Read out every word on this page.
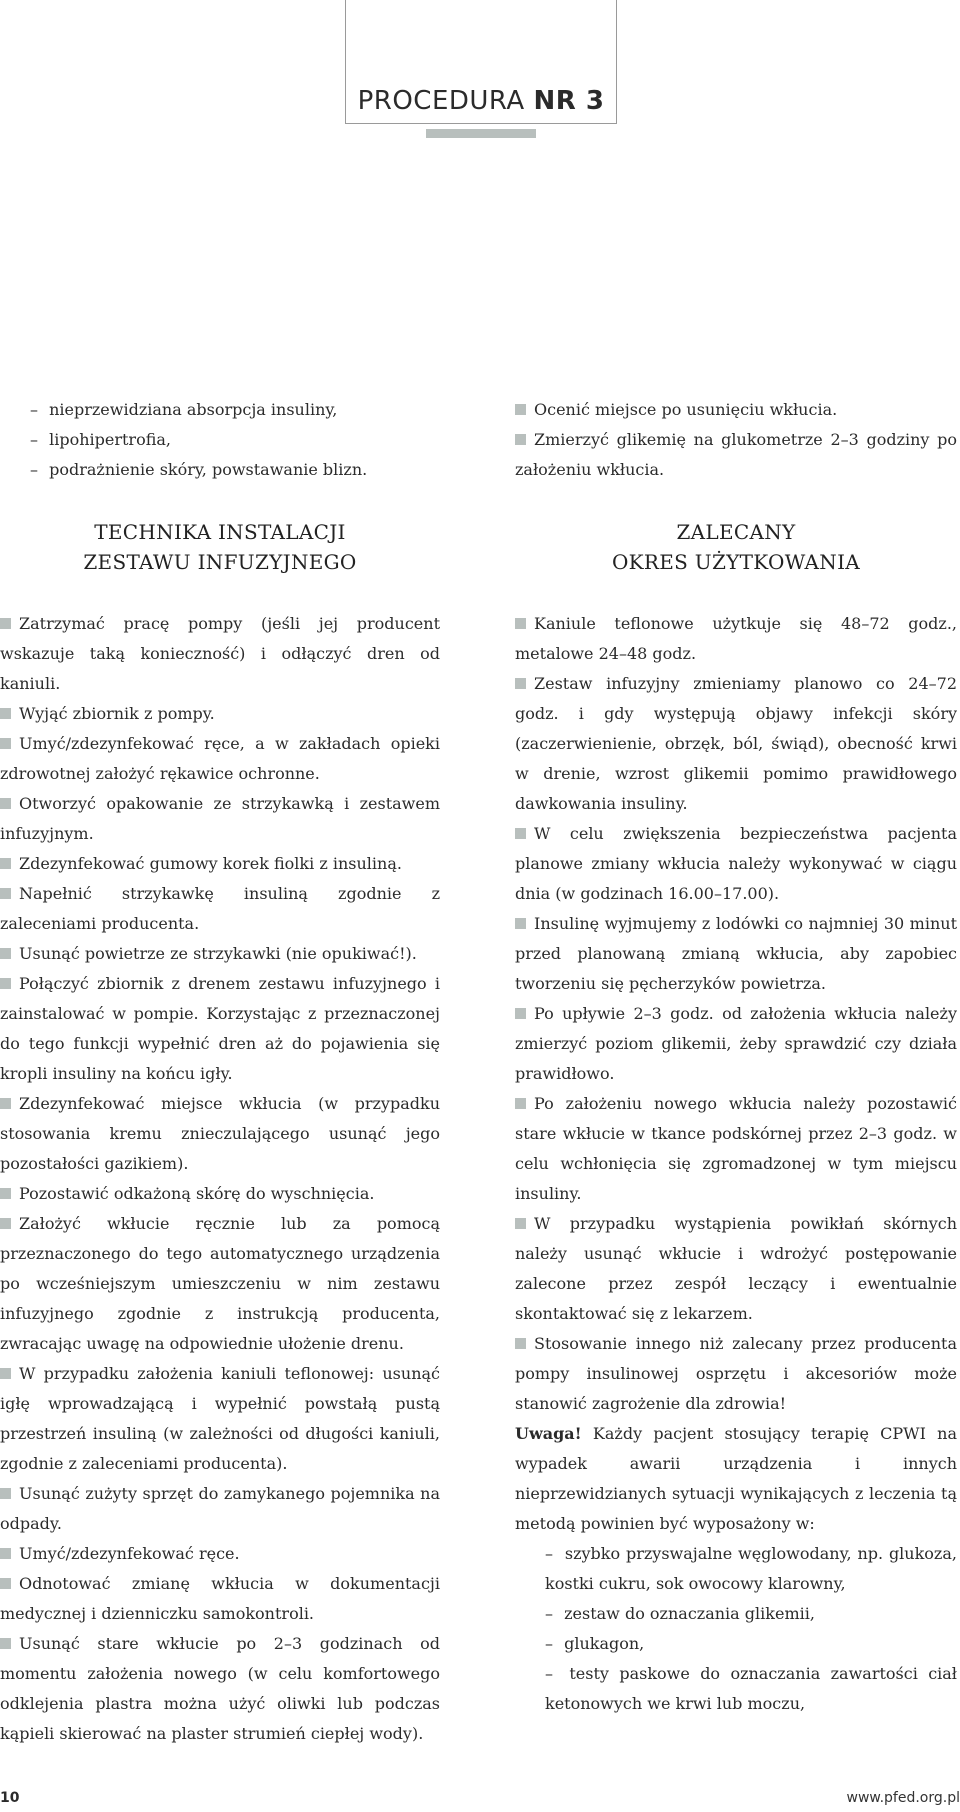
PROCEDURA NR 3

– nieprzewidziana absorpcja insuliny,

– lipohipertrofia,

– podrażnienie skóry, powstawanie blizn.

TECHNIKA INSTALACJI
ZESTAWU INFUZYJNEGO

Zatrzymać pracę pompy (jeśli jej producent wskazuje taką konieczność) i odłączyć dren od kaniuli.

Wyjąć zbiornik z pompy.

Umyć/zdezynfekować ręce, a w zakładach opieki zdrowotnej założyć rękawice ochronne.

Otworzyć opakowanie ze strzykawką i zestawem infuzyjnym.

Zdezynfekować gumowy korek fiolki z insuliną.

Napełnić strzykawkę insuliną zgodnie z zaleceniami producenta.

Usunąć powietrze ze strzykawki (nie opukiwać!).

Połączyć zbiornik z drenem zestawu infuzyjnego i zainstalować w pompie. Korzystając z przeznaczonej do tego funkcji wypełnić dren aż do pojawienia się kropli insuliny na końcu igły.

Zdezynfekować miejsce wkłucia (w przypadku stosowania kremu znieczulającego usunąć jego pozostałości gazikiem).

Pozostawić odkażoną skórę do wyschnięcia.

Założyć wkłucie ręcznie lub za pomocą przeznaczonego do tego automatycznego urządzenia po wcześniejszym umieszczeniu w nim zestawu infuzyjnego zgodnie z instrukcją producenta, zwracając uwagę na odpowiednie ułożenie drenu.

W przypadku założenia kaniuli teflonowej: usunąć igłę wprowadzającą i wypełnić powstałą pustą przestrzeń insuliną (w zależności od długości kaniuli, zgodnie z zaleceniami producenta).

Usunąć zużyty sprzęt do zamykanego pojemnika na odpady.

Umyć/zdezynfekować ręce.

Odnotować zmianę wkłucia w dokumentacji medycznej i dzienniczku samokontroli.

Usunąć stare wkłucie po 2–3 godzinach od momentu założenia nowego (w celu komfortowego odklejenia plastra można użyć oliwki lub podczas kąpieli skierować na plaster strumień ciepłej wody).

Ocenić miejsce po usunięciu wkłucia.

Zmierzyć glikemię na glukometrze 2–3 godziny po założeniu wkłucia.

ZALECANY
OKRES UŻYTKOWANIA

Kaniule teflonowe użytkuje się 48–72 godz., metalowe 24–48 godz.

Zestaw infuzyjny zmieniamy planowo co 24–72 godz. i gdy występują objawy infekcji skóry (zaczerwienienie, obrzęk, ból, świąd), obecność krwi w drenie, wzrost glikemii pomimo prawidłowego dawkowania insuliny.

W celu zwiększenia bezpieczeństwa pacjenta planowe zmiany wkłucia należy wykonywać w ciągu dnia (w godzinach 16.00–17.00).

Insulinę wyjmujemy z lodówki co najmniej 30 minut przed planowaną zmianą wkłucia, aby zapobiec tworzeniu się pęcherzyków powietrza.

Po upływie 2–3 godz. od założenia wkłucia należy zmierzyć poziom glikemii, żeby sprawdzić czy działa prawidłowo.

Po założeniu nowego wkłucia należy pozostawić stare wkłucie w tkance podskórnej przez 2–3 godz. w celu wchłonięcia się zgromadzonej w tym miejscu insuliny.

W przypadku wystąpienia powikłań skórnych należy usunąć wkłucie i wdrożyć postępowanie zalecone przez zespół leczący i ewentualnie skontaktować się z lekarzem.

Stosowanie innego niż zalecany przez producenta pompy insulinowej osprzętu i akcesoriów może stanowić zagrożenie dla zdrowia!

Uwaga! Każdy pacjent stosujący terapię CPWI na wypadek awarii urządzenia i innych nieprzewidzianych sytuacji wynikających z leczenia tą metodą powinien być wyposażony w:

– szybko przyswajalne węglowodany, np. glukoza, kostki cukru, sok owocowy klarowny,

– zestaw do oznaczania glikemii,

– glukagon,

– testy paskowe do oznaczania zawartości ciał ketonowych we krwi lub moczu,

10	www.pfed.org.pl
